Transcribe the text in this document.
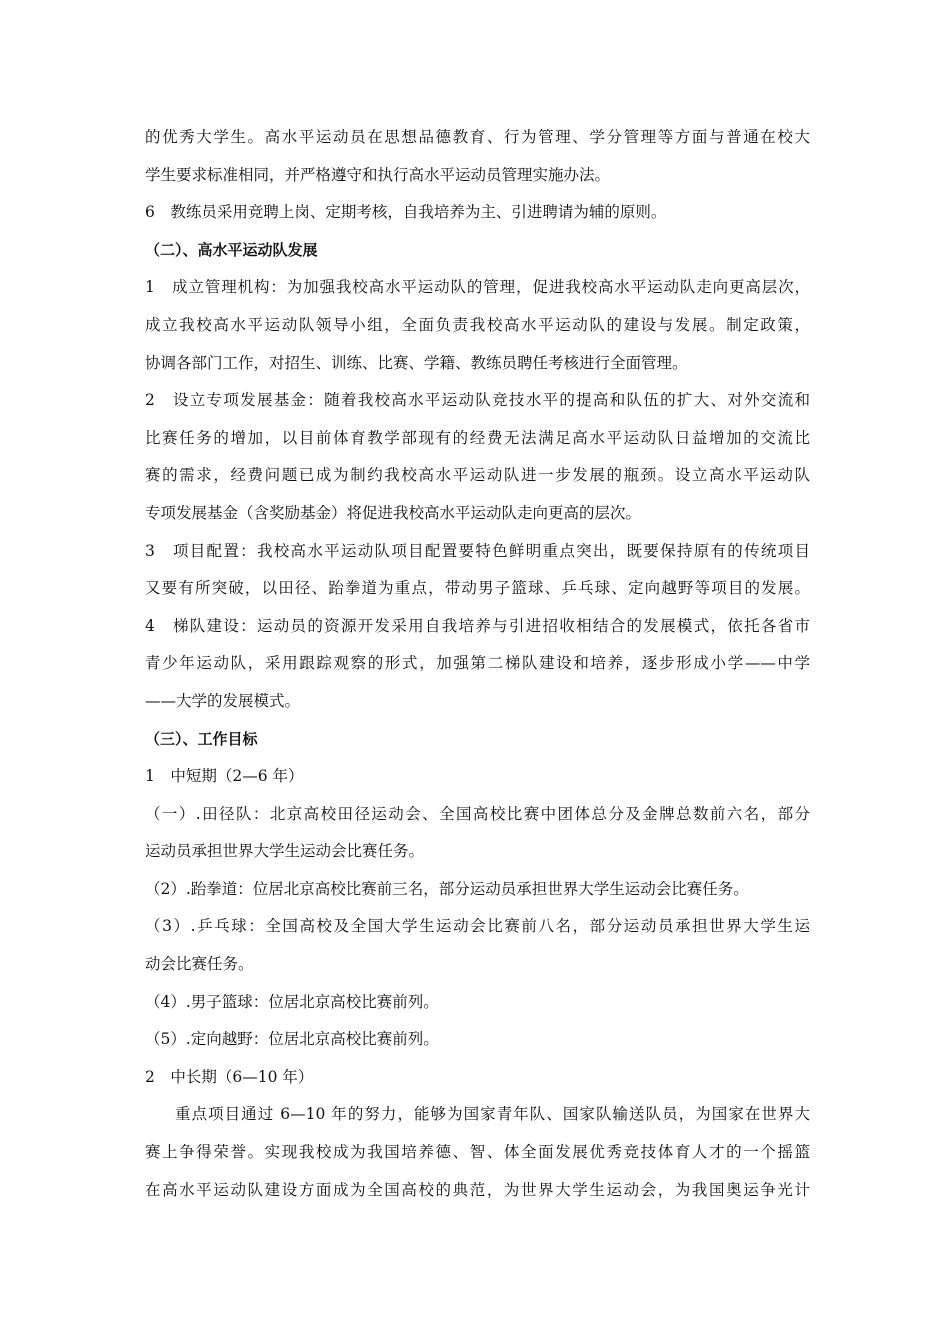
的优秀大学生。高水平运动员在思想品德教育、行为管理、学分管理等方面与普通在校大
学生要求标准相同，并严格遵守和执行高水平运动员管理实施办法。
6　教练员采用竞聘上岗、定期考核，自我培养为主、引进聘请为辅的原则。
（二）、高水平运动队发展
1　成立管理机构：为加强我校高水平运动队的管理，促进我校高水平运动队走向更高层次，
成立我校高水平运动队领导小组，全面负责我校高水平运动队的建设与发展。制定政策，
协调各部门工作，对招生、训练、比赛、学籍、教练员聘任考核进行全面管理。
2　设立专项发展基金：随着我校高水平运动队竞技水平的提高和队伍的扩大、对外交流和
比赛任务的增加，以目前体育教学部现有的经费无法满足高水平运动队日益增加的交流比
赛的需求，经费问题已成为制约我校高水平运动队进一步发展的瓶颈。设立高水平运动队
专项发展基金（含奖励基金）将促进我校高水平运动队走向更高的层次。
3　项目配置：我校高水平运动队项目配置要特色鲜明重点突出，既要保持原有的传统项目
又要有所突破，以田径、跆拳道为重点，带动男子篮球、乒乓球、定向越野等项目的发展。
4　梯队建设：运动员的资源开发采用自我培养与引进招收相结合的发展模式，依托各省市
青少年运动队，采用跟踪观察的形式，加强第二梯队建设和培养，逐步形成小学——中学
——大学的发展模式。
（三）、工作目标
1　中短期（2—6 年）
（一）.田径队：北京高校田径运动会、全国高校比赛中团体总分及金牌总数前六名，部分
运动员承担世界大学生运动会比赛任务。
（2）.跆拳道：位居北京高校比赛前三名，部分运动员承担世界大学生运动会比赛任务。
（3）.乒乓球：全国高校及全国大学生运动会比赛前八名，部分运动员承担世界大学生运
动会比赛任务。
（4）.男子篮球：位居北京高校比赛前列。
（5）.定向越野：位居北京高校比赛前列。
2　中长期（6—10 年）
重点项目通过 6—10 年的努力，能够为国家青年队、国家队输送队员，为国家在世界大
赛上争得荣誉。实现我校成为我国培养德、智、体全面发展优秀竞技体育人才的一个摇篮
在高水平运动队建设方面成为全国高校的典范，为世界大学生运动会，为我国奥运争光计
